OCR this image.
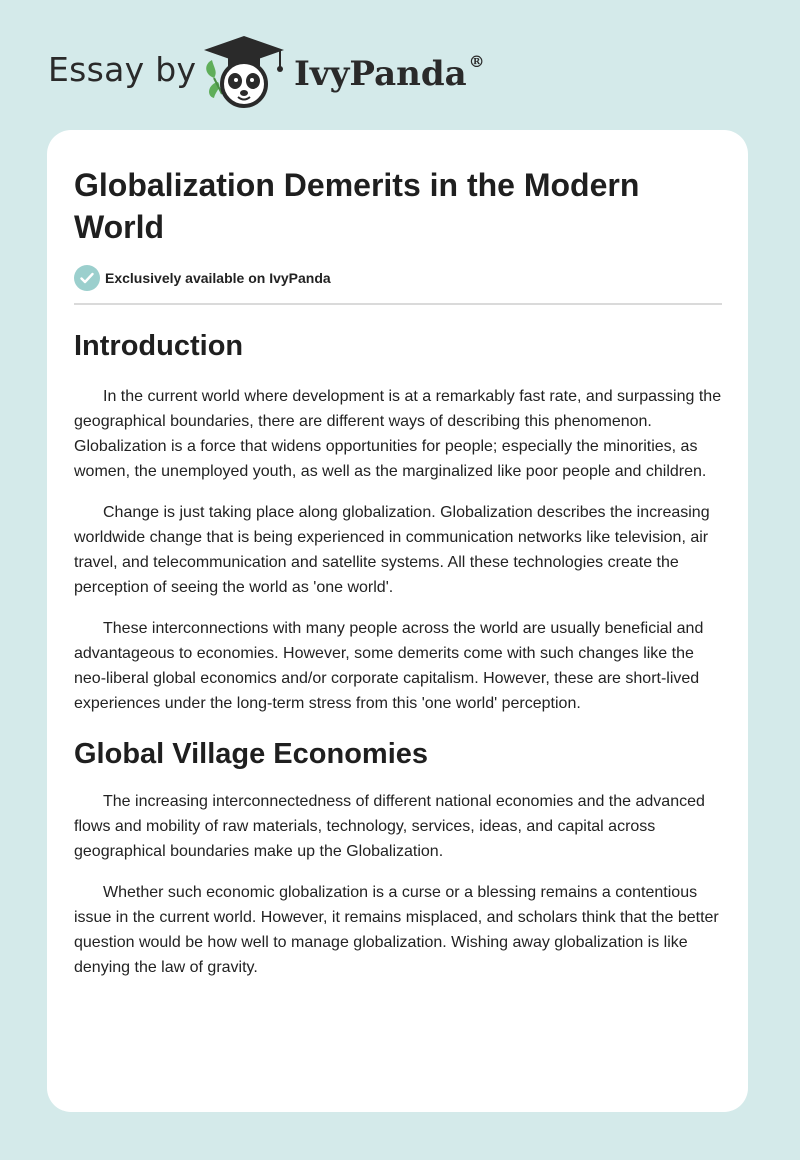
Essay by	IvyPanda ®
Globalization Demerits in the Modern World
Exclusively available on IvyPanda
Introduction

In the current world where development is at a remarkably fast rate, and surpassing the geographical boundaries, there are different ways of describing this phenomenon. Globalization is a force that widens opportunities for people; especially the minorities, as women, the unemployed youth, as well as the marginalized like poor people and children.

Change is just taking place along globalization. Globalization describes the increasing worldwide change that is being experienced in communication networks like television, air travel, and telecommunication and satellite systems. All these technologies create the perception of seeing the world as 'one world'.

These interconnections with many people across the world are usually beneficial and advantageous to economies. However, some demerits come with such changes like the neo-liberal global economics and/or corporate capitalism. However, these are short-lived experiences under the long-term stress from this 'one world' perception.

Global Village Economies

The increasing interconnectedness of different national economies and the advanced flows and mobility of raw materials, technology, services, ideas, and capital across geographical boundaries make up the Globalization.

Whether such economic globalization is a curse or a blessing remains a contentious issue in the current world. However, it remains misplaced, and scholars think that the better question would be how well to manage globalization. Wishing away globalization is like denying the law of gravity.
